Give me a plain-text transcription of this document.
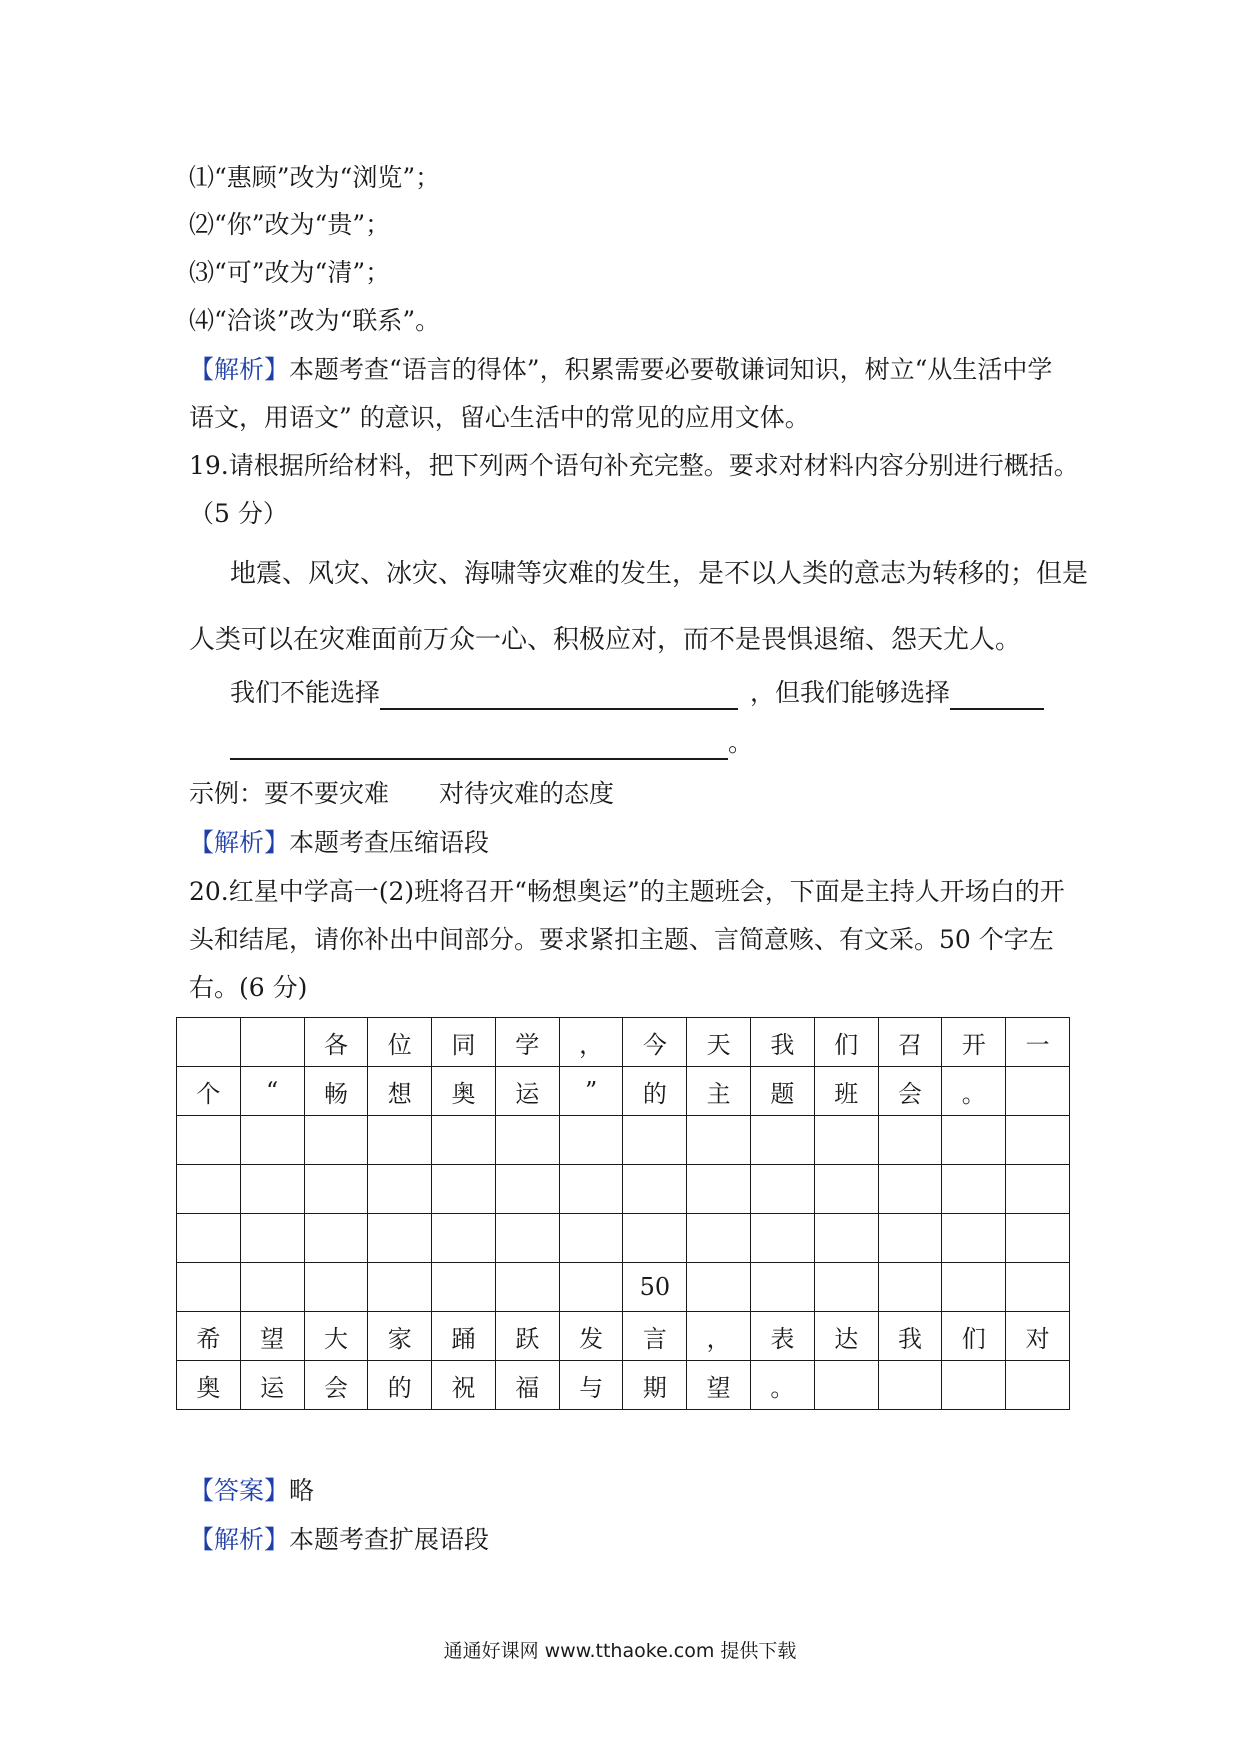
⑴“惠顾”改为“浏览”；
⑵“你”改为“贵”；
⑶“可”改为“清”；
⑷“洽谈”改为“联系”。
【解析】本题考查“语言的得体”，积累需要必要敬谦词知识，树立“从生活中学
语文，用语文” 的意识，留心生活中的常见的应用文体。
19.请根据所给材料，把下列两个语句补充完整。要求对材料内容分别进行概括。
（5 分）
地震、风灾、冰灾、海啸等灾难的发生，是不以人类的意志为转移的；但是
人类可以在灾难面前万众一心、积极应对，而不是畏惧退缩、怨天尤人。
我们不能选择	，但我们能够选择
。
示例：要不要灾难　　对待灾难的态度
【解析】本题考查压缩语段
20.红星中学高一(2)班将召开“畅想奥运”的主题班会，下面是主持人开场白的开
头和结尾，请你补出中间部分。要求紧扣主题、言简意赅、有文采。50 个字左
右。(6 分)
		各	位	同	学	，	今	天	我	们	召	开	一
个	“	畅	想	奥	运	”	的	主	题	班	会	。	

							50						
希	望	大	家	踊	跃	发	言	，	表	达	我	们	对
奥	运	会	的	祝	福	与	期	望	。				
【答案】略
【解析】本题考查扩展语段
通通好课网 www.tthaoke.com 提供下载
